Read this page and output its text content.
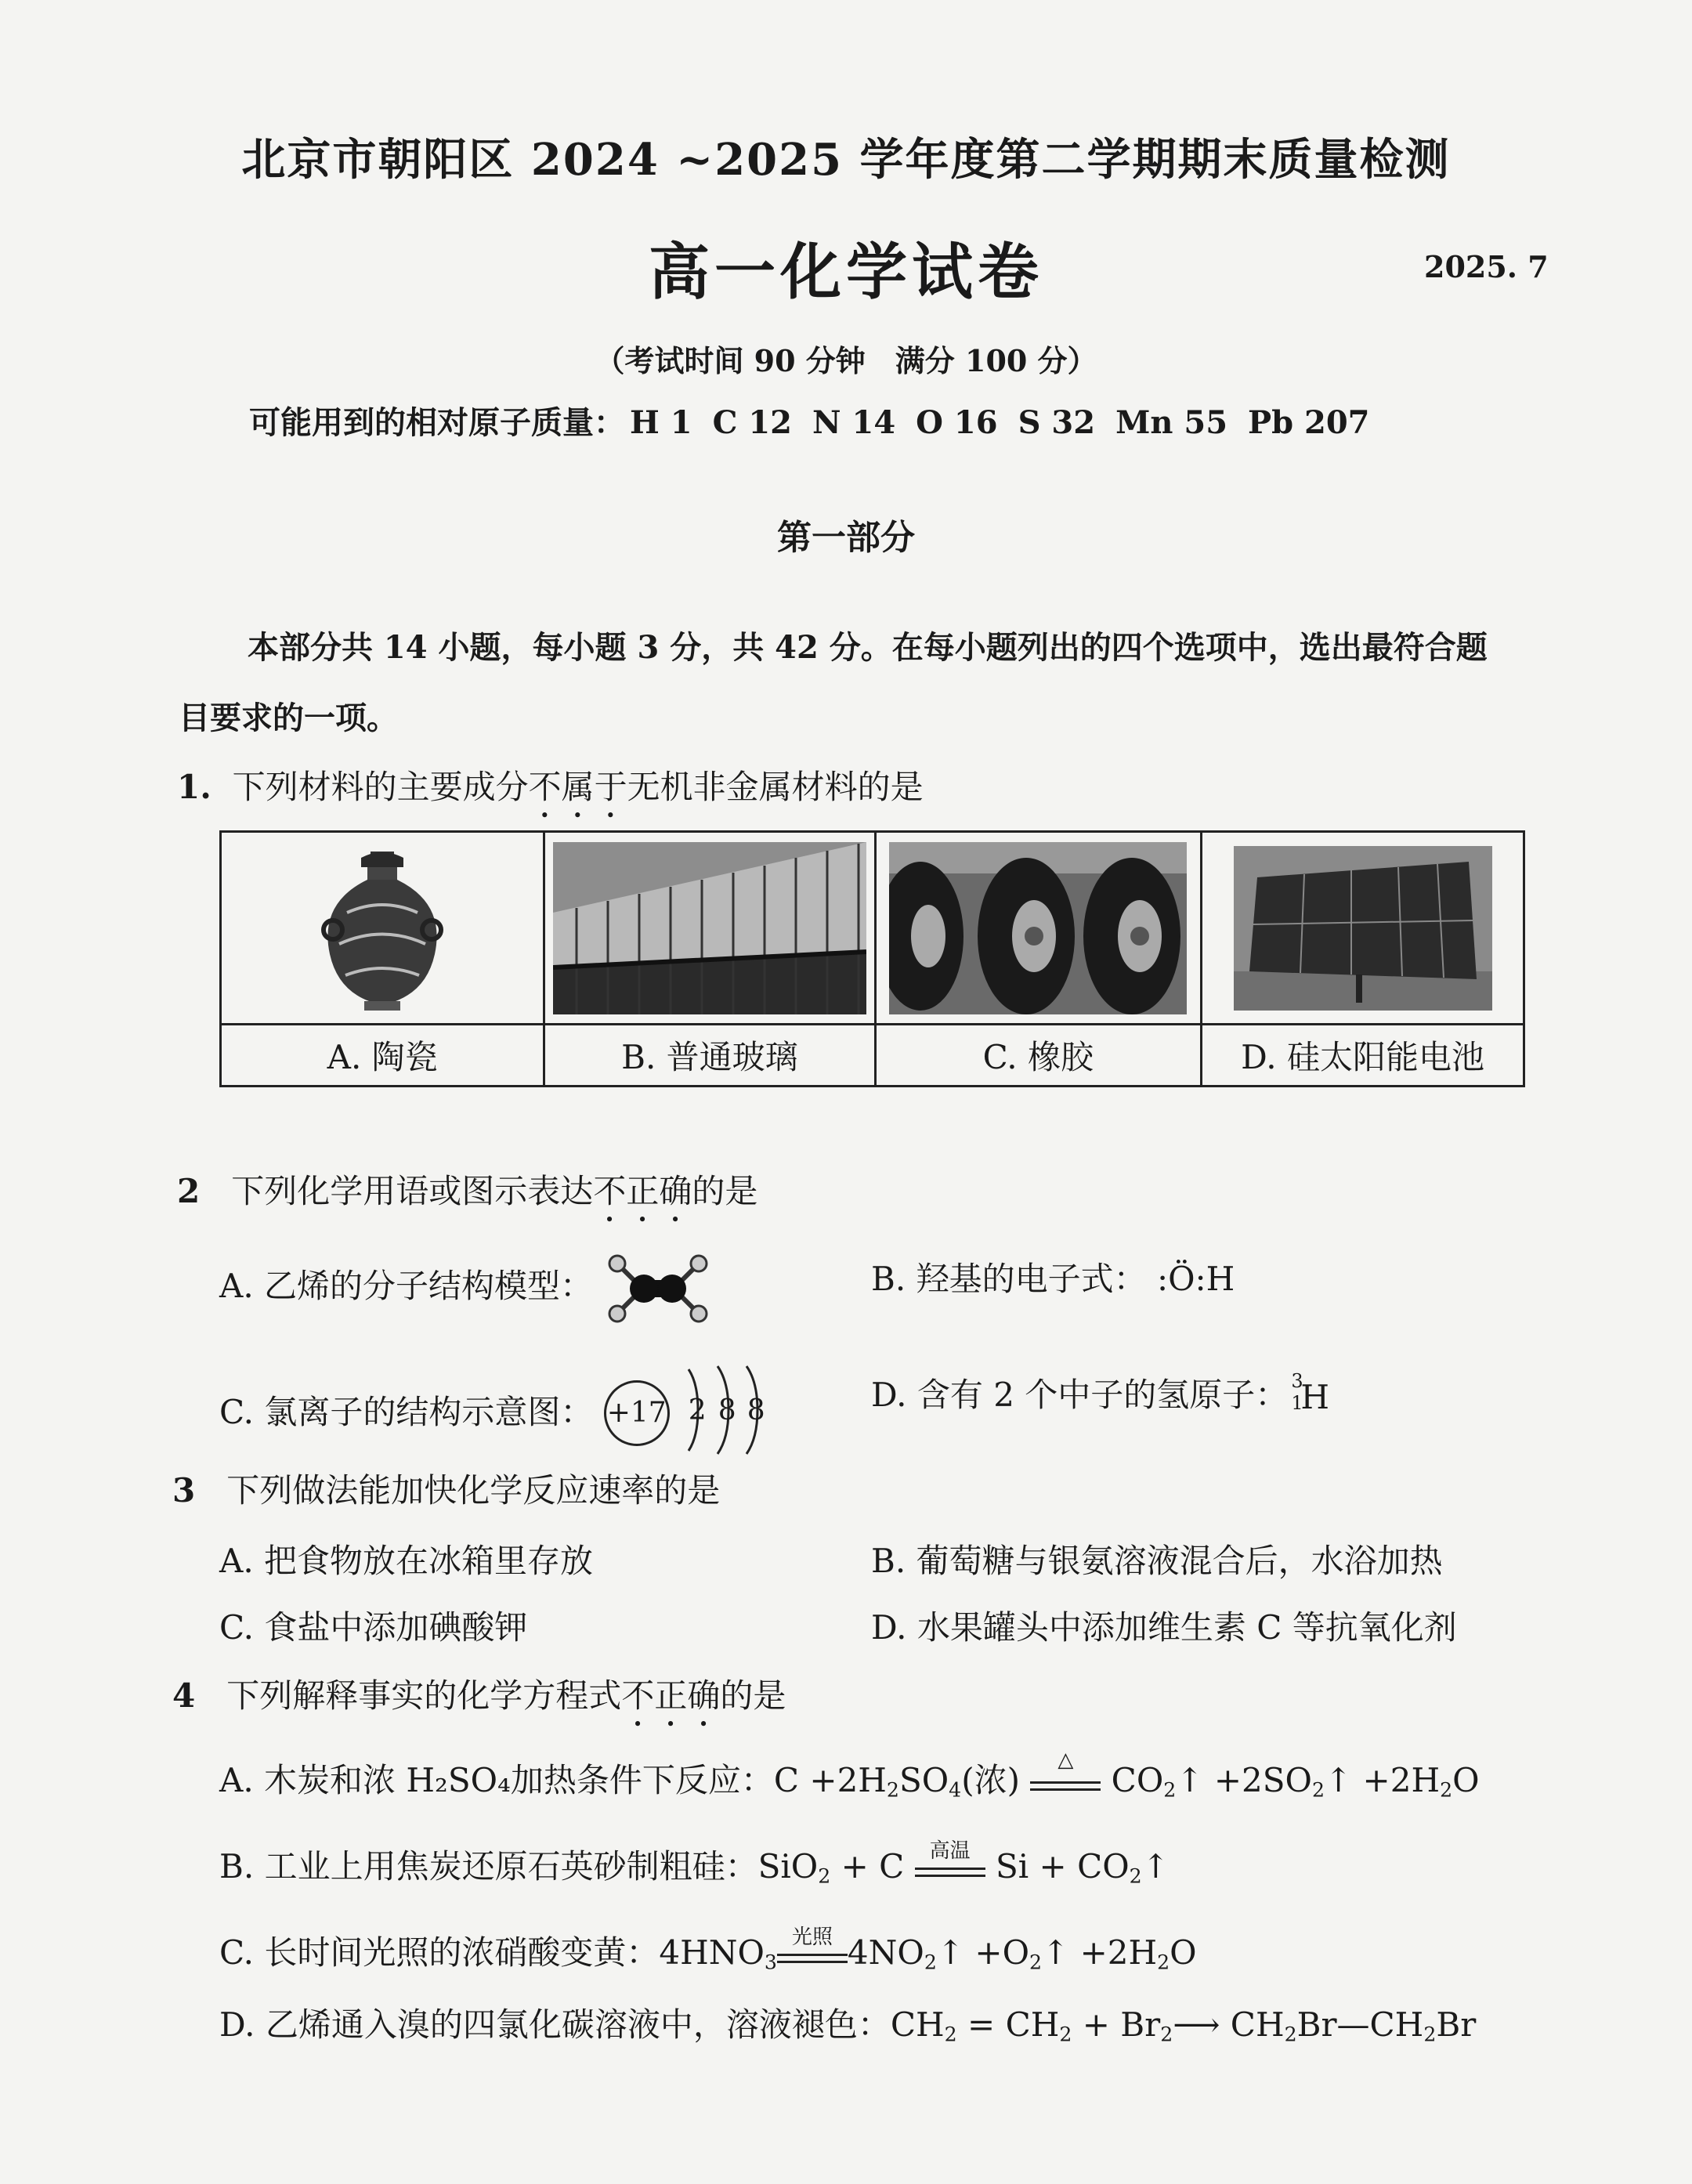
北京市朝阳区 2024 ~2025 学年度第二学期期末质量检测
高一化学试卷	2025. 7
（考试时间 90 分钟　满分 100 分）
可能用到的相对原子质量： H 1 C 12 N 14 O 16 S 32 Mn 55 Pb 207
第一部分
本部分共 14 小题，每小题 3 分，共 42 分。在每小题列出的四个选项中，选出最符合题
目要求的一项。
1. 下列材料的主要成分不属于无机非金属材料的是

A. 陶瓷	B. 普通玻璃	C. 橡胶	D. 硅太阳能电池
2 下列化学用语或图示表达不正确的是
A. 乙烯的分子结构模型：	B. 羟基的电子式： :Ö:H
C. 氯离子的结构示意图： +17 2 8 8	D. 含有 2 个中子的氢原子： 3
1
H
3 下列做法能加快化学反应速率的是
A. 把食物放在冰箱里存放	B. 葡萄糖与银氨溶液混合后，水浴加热
C. 食盐中添加碘酸钾	D. 水果罐头中添加维生素 C 等抗氧化剂
4 下列解释事实的化学方程式不正确的是
A. 木炭和浓 H₂SO₄加热条件下反应：$C +2H_2SO_4$(浓)
△
$CO_2↑$ $+2SO_2↑ +2H_2O$
B. 工业上用焦炭还原石英砂制粗硅：SiO$_2$ + C 高温 $Si + CO_2↑$
C. 长时间光照的浓硝酸变黄：$4HNO_3$
光照 $4NO_2↑$ $+O_2↑ +2H_2O$
D. 乙烯通入溴的四氯化碳溶液中，溶液褪色：$CH_2 = CH_2$ + $Br_2⟶$ $CH_2Br—CH_2Br$
